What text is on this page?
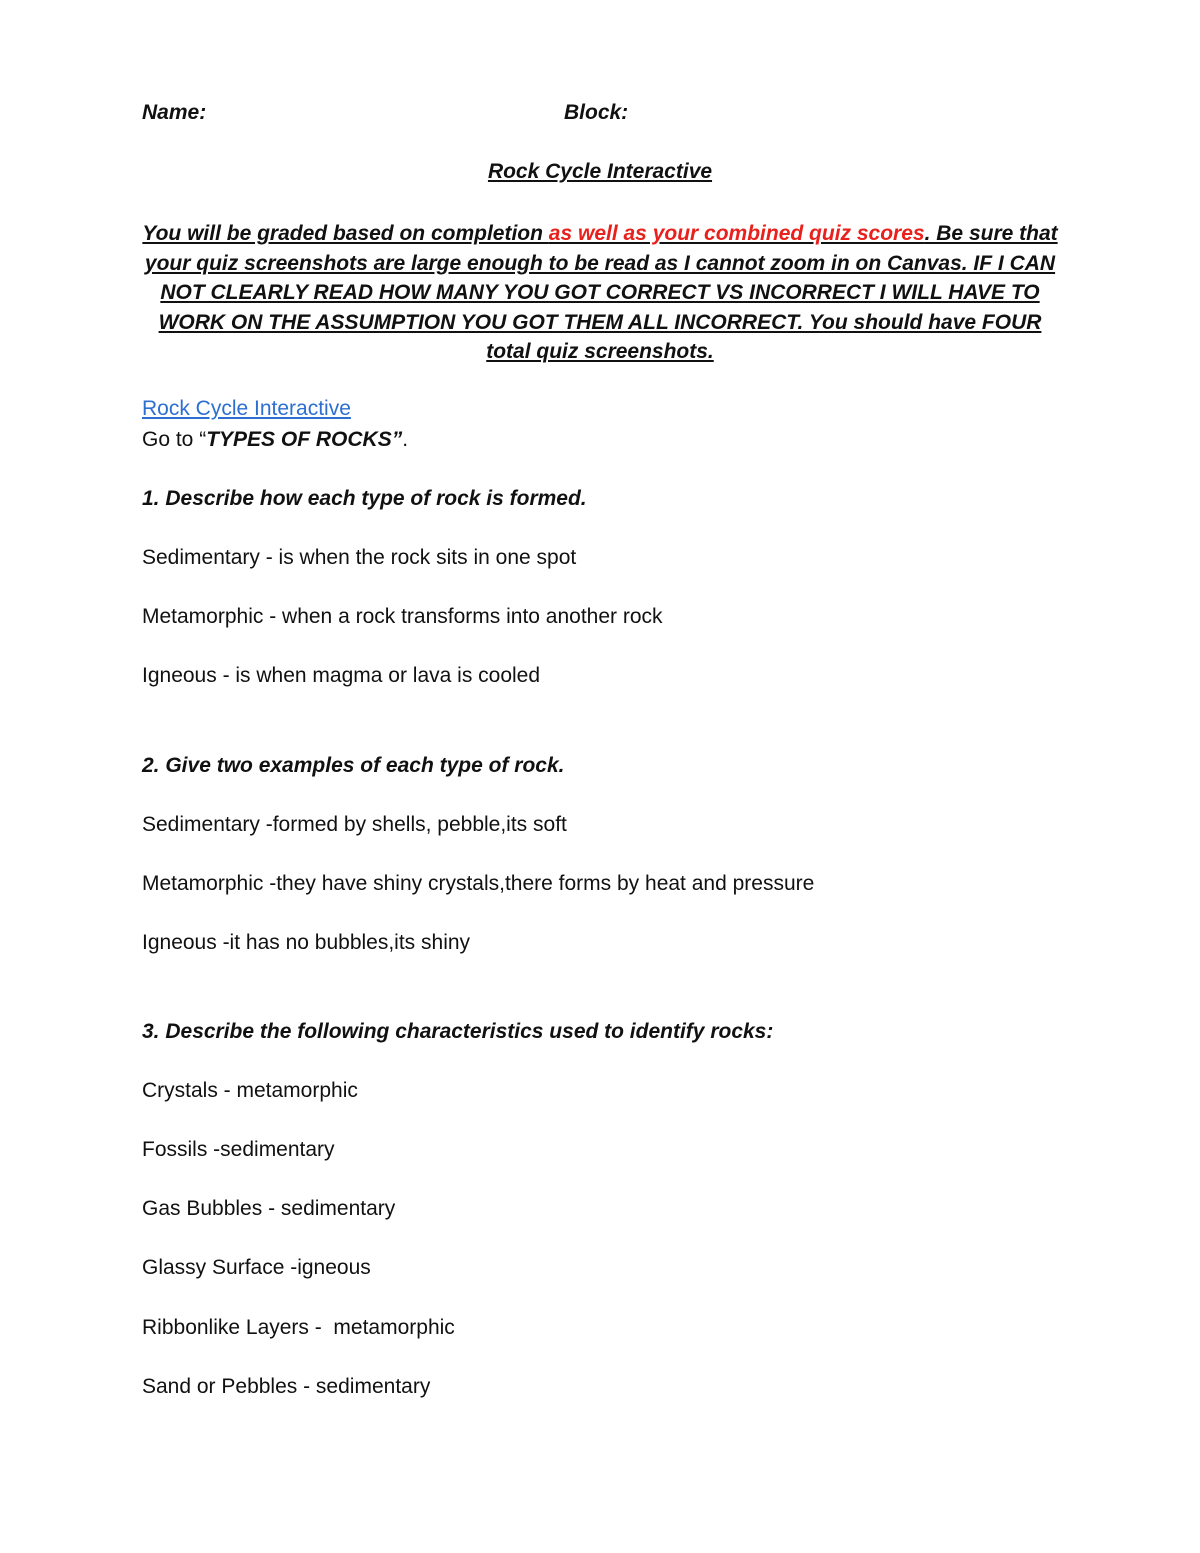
Name:	Block:
Rock Cycle Interactive
You will be graded based on completion as well as your combined quiz scores. Be sure that your quiz screenshots are large enough to be read as I cannot zoom in on Canvas. IF I CAN NOT CLEARLY READ HOW MANY YOU GOT CORRECT VS INCORRECT I WILL HAVE TO WORK ON THE ASSUMPTION YOU GOT THEM ALL INCORRECT. You should have FOUR total quiz screenshots.
Rock Cycle Interactive
Go to “TYPES OF ROCKS”.
1. Describe how each type of rock is formed.
Sedimentary - is when the rock sits in one spot
Metamorphic - when a rock transforms into another rock
Igneous - is when magma or lava is cooled
2. Give two examples of each type of rock.
Sedimentary -formed by shells, pebble,its soft
Metamorphic -they have shiny crystals,there forms by heat and pressure
Igneous -it has no bubbles,its shiny
3. Describe the following characteristics used to identify rocks:
Crystals - metamorphic
Fossils -sedimentary
Gas Bubbles - sedimentary
Glassy Surface -igneous
Ribbonlike Layers -  metamorphic
Sand or Pebbles - sedimentary
